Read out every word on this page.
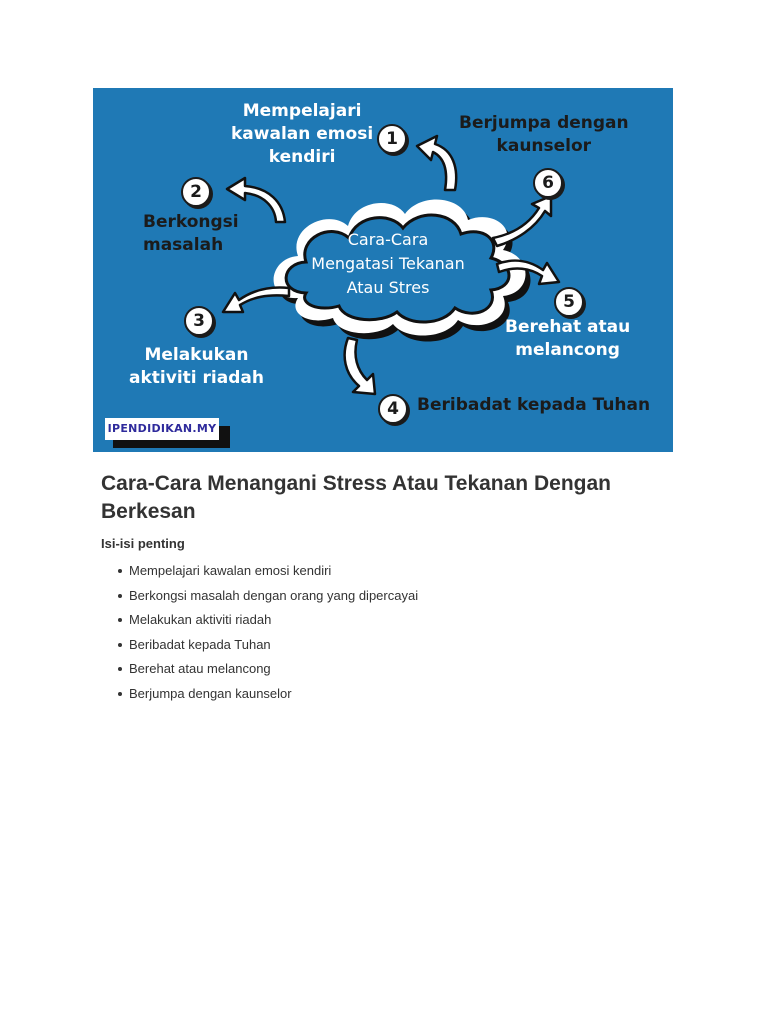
Cara-Cara
Mengatasi Tekanan
Atau Stres
Mempelajari
kawalan emosi
kendiri
1
2
Berkongsi
masalah
3
Melakukan
aktiviti riadah
4	Beribadat kepada Tuhan
5
Berehat atau
melancong
Berjumpa dengan
kaunselor
6
IPENDIDIKAN.MY
Cara-Cara Menangani Stress Atau Tekanan Dengan Berkesan

Isi-isi penting

Mempelajari kawalan emosi kendiri
Berkongsi masalah dengan orang yang dipercayai
Melakukan aktiviti riadah
Beribadat kepada Tuhan
Berehat atau melancong
Berjumpa dengan kaunselor
